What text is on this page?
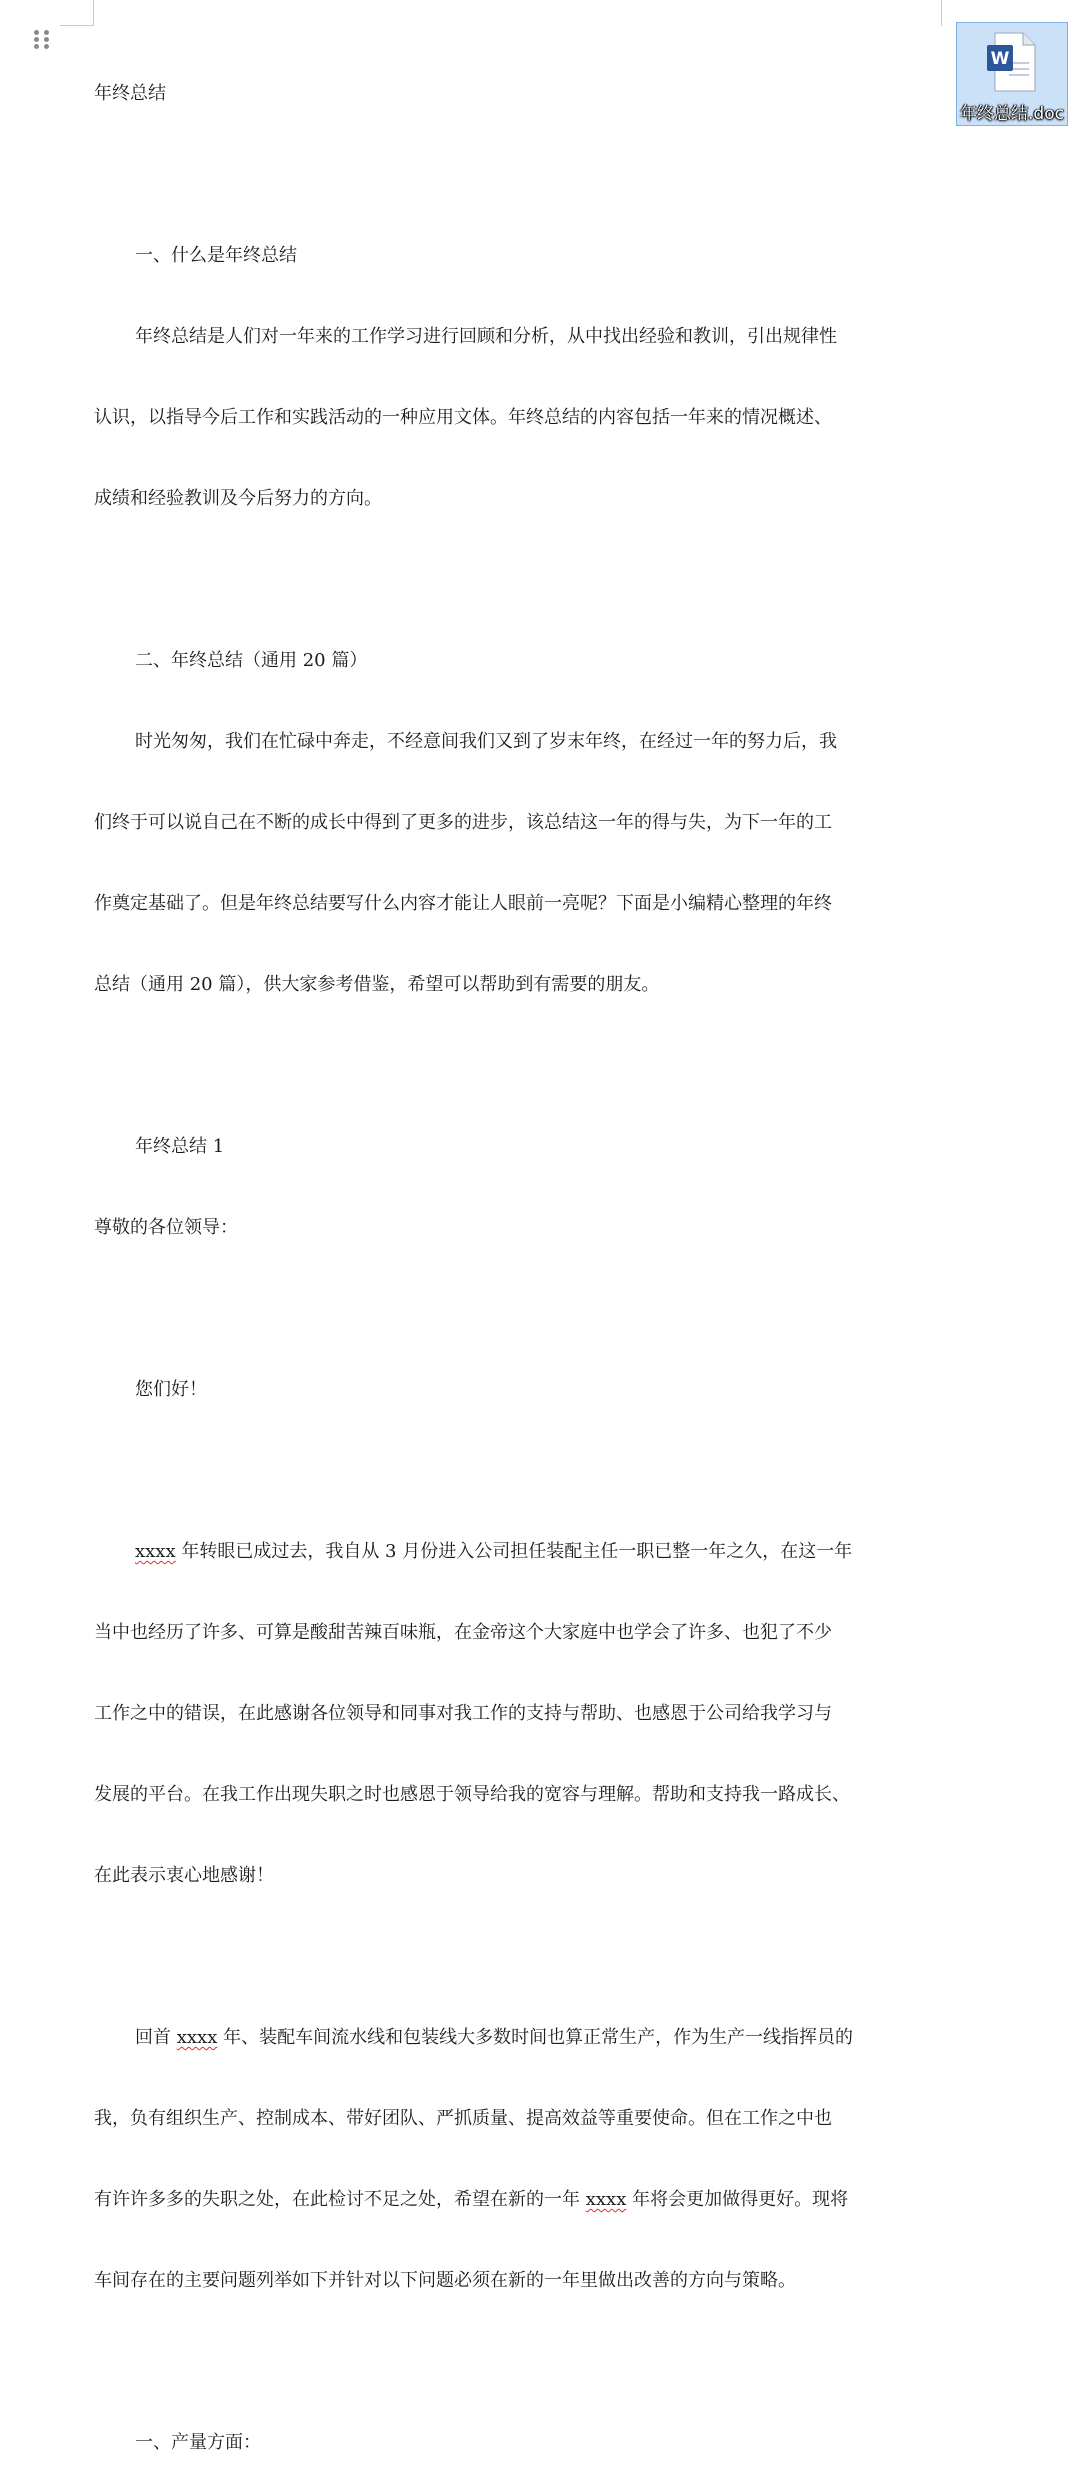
年终总结

一、什么是年终总结

年终总结是人们对一年来的工作学习进行回顾和分析，从中找出经验和教训，引出规律性

认识，以指导今后工作和实践活动的一种应用文体。年终总结的内容包括一年来的情况概述、

成绩和经验教训及今后努力的方向。

二、年终总结（通用 20 篇）

时光匆匆，我们在忙碌中奔走，不经意间我们又到了岁末年终，在经过一年的努力后，我

们终于可以说自己在不断的成长中得到了更多的进步，该总结这一年的得与失，为下一年的工

作奠定基础了。但是年终总结要写什么内容才能让人眼前一亮呢？下面是小编精心整理的年终

总结（通用 20 篇），供大家参考借鉴，希望可以帮助到有需要的朋友。

年终总结 1

尊敬的各位领导：

您们好！

xxxx 年转眼已成过去，我自从 3 月份进入公司担任装配主任一职已整一年之久，在这一年

当中也经历了许多、可算是酸甜苦辣百味瓶，在金帝这个大家庭中也学会了许多、也犯了不少

工作之中的错误，在此感谢各位领导和同事对我工作的支持与帮助、也感恩于公司给我学习与

发展的平台。在我工作出现失职之时也感恩于领导给我的宽容与理解。帮助和支持我一路成长、

在此表示衷心地感谢！

回首 xxxx 年、装配车间流水线和包装线大多数时间也算正常生产，作为生产一线指挥员的

我，负有组织生产、控制成本、带好团队、严抓质量、提高效益等重要使命。但在工作之中也

有许许多多的失职之处，在此检讨不足之处，希望在新的一年 xxxx 年将会更加做得更好。现将

车间存在的主要问题列举如下并针对以下问题必须在新的一年里做出改善的方向与策略。

一、产量方面：

W
年终总结.doc
